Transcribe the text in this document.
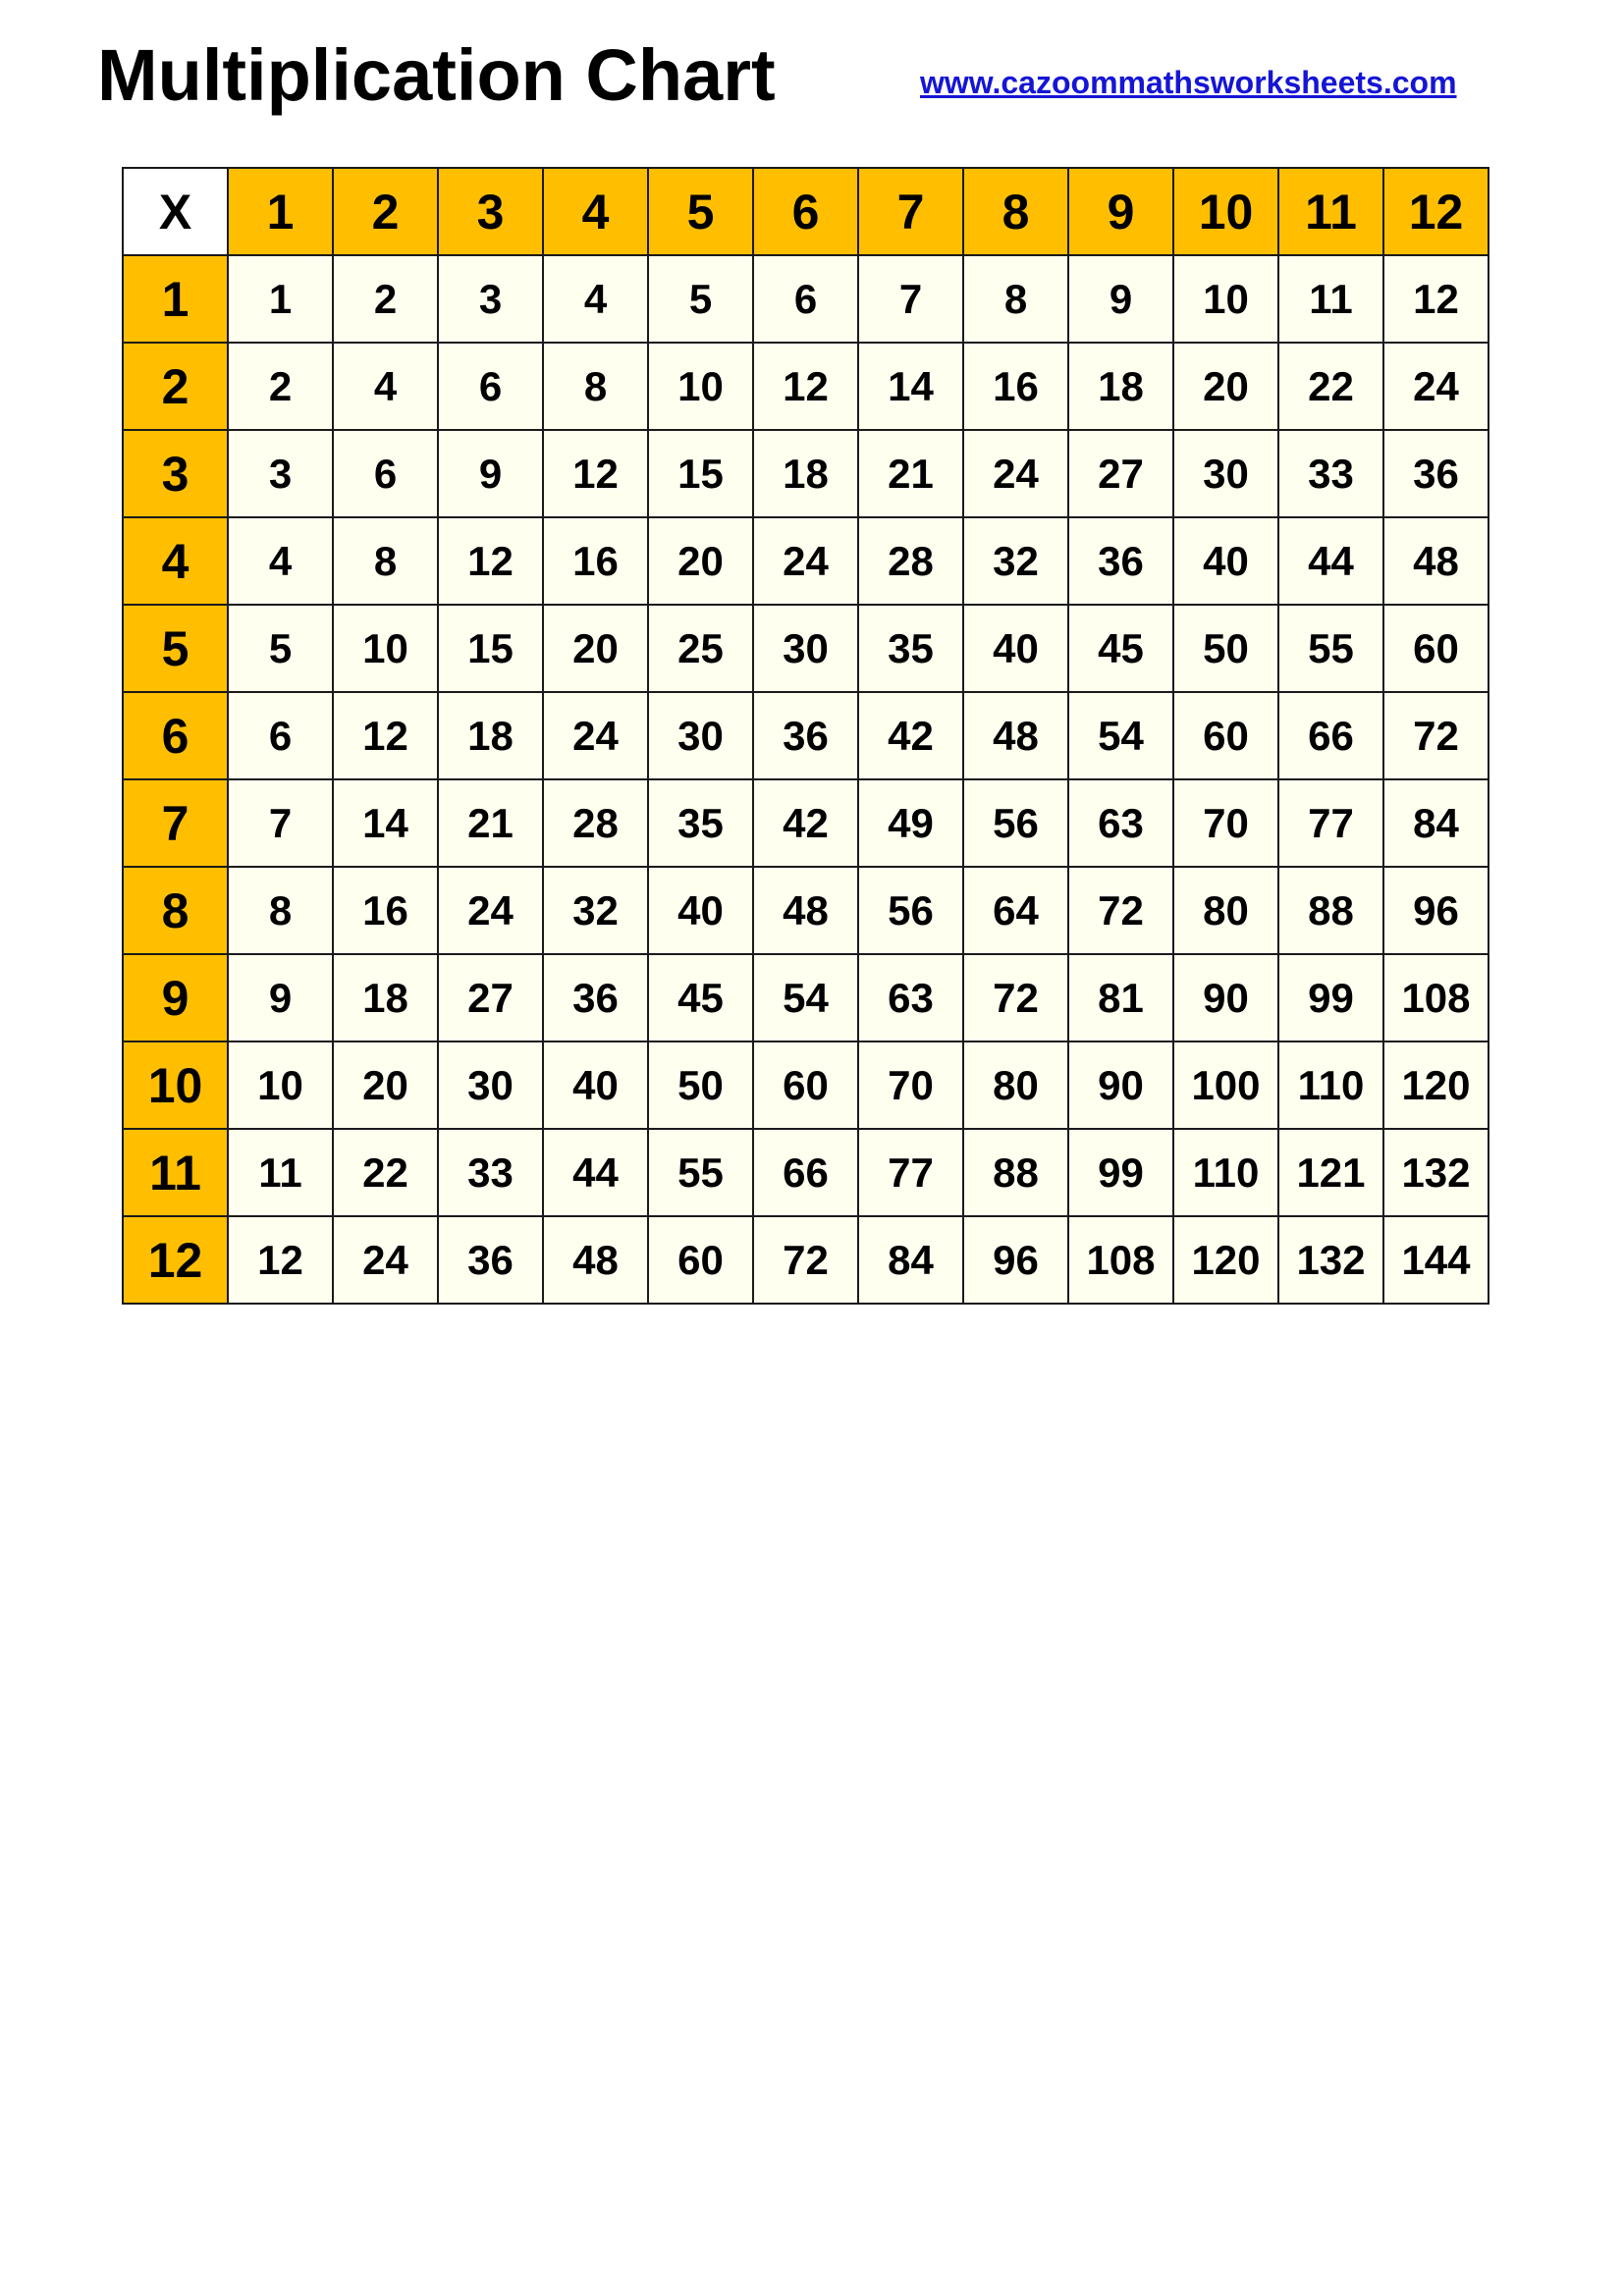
Multiplication Chart	www.cazoommathsworksheets.com
X	1	2	3	4	5	6	7	8	9	10	11	12
1	1	2	3	4	5	6	7	8	9	10	11	12
2	2	4	6	8	10	12	14	16	18	20	22	24
3	3	6	9	12	15	18	21	24	27	30	33	36
4	4	8	12	16	20	24	28	32	36	40	44	48
5	5	10	15	20	25	30	35	40	45	50	55	60
6	6	12	18	24	30	36	42	48	54	60	66	72
7	7	14	21	28	35	42	49	56	63	70	77	84
8	8	16	24	32	40	48	56	64	72	80	88	96
9	9	18	27	36	45	54	63	72	81	90	99	108
10	10	20	30	40	50	60	70	80	90	100	110	120
11	11	22	33	44	55	66	77	88	99	110	121	132
12	12	24	36	48	60	72	84	96	108	120	132	144
